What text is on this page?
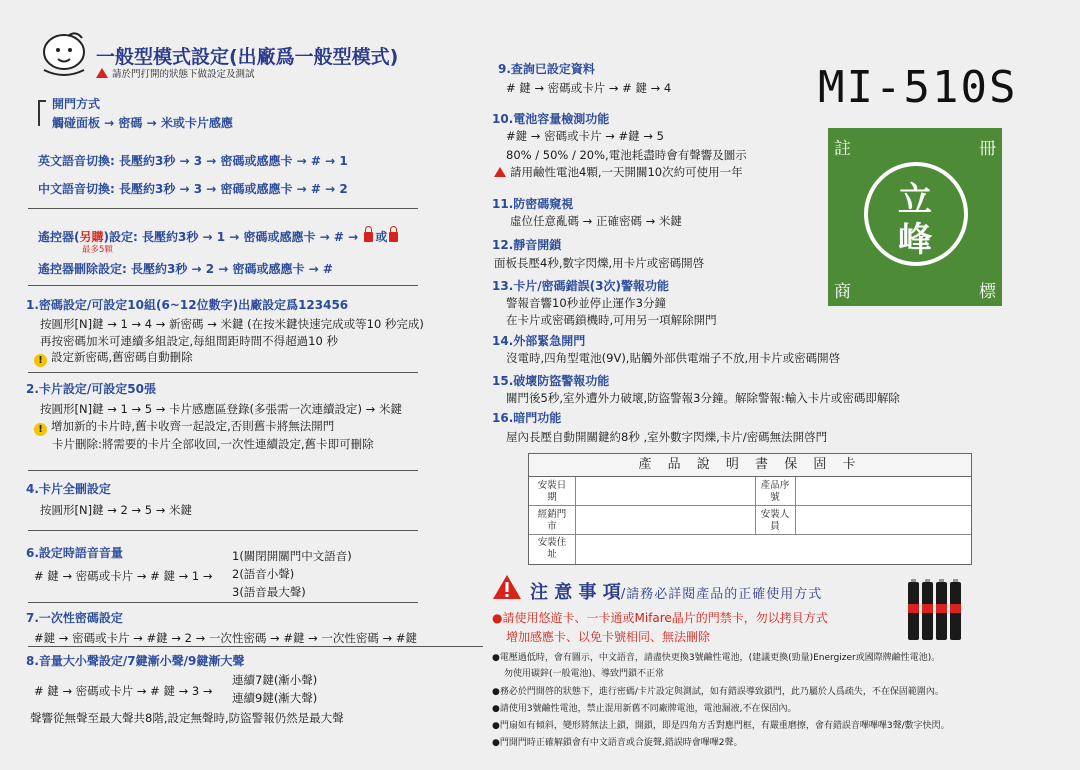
一般型模式設定(出廠爲一般型模式)
請於門打開的狀態下做設定及測試
開門方式
觸碰面板 → 密碼 → 米或卡片感應
英文語音切換: 長壓約3秒 → 3 → 密碼或感應卡 → # → 1
中文語音切換: 長壓約3秒 → 3 → 密碼或感應卡 → # → 2
遙控器(另購)設定: 長壓約3秒 → 1 → 密碼或感應卡 → # → 或
最多5顆
遙控器刪除設定: 長壓約3秒 → 2 → 密碼或感應卡 → #
1.密碼設定/可設定10組(6~12位數字)出廠設定爲123456
按圓形[N]鍵 → 1 → 4 → 新密碼 → 米鍵 (在按米鍵快速完成或等10 秒完成)
再按密碼加米可連續多組設定,每組間距時間不得超過10 秒
! 設定新密碼,舊密碼自動刪除
2.卡片設定/可設定50張
按圓形[N]鍵 → 1 → 5 → 卡片感應區登錄(多張需一次連續設定) → 米鍵
! 增加新的卡片時,舊卡收齊一起設定,否則舊卡將無法開門
卡片刪除:將需要的卡片全部收回,一次性連續設定,舊卡即可刪除
4.卡片全刪設定
按圓形[N]鍵 → 2 → 5 → 米鍵
6.設定時語音音量
# 鍵 → 密碼或卡片 → # 鍵 → 1 →
1(關閉開關門中文語音)
2(語音小聲)
3(語音最大聲)
7.一次性密碼設定
#鍵 → 密碼或卡片 → #鍵 → 2 → 一次性密碼 → #鍵 → 一次性密碼 → #鍵
8.音量大小聲設定/7鍵漸小聲/9鍵漸大聲
# 鍵 → 密碼或卡片 → # 鍵 → 3 →
連續7鍵(漸小聲)
連續9鍵(漸大聲)
聲響從無聲至最大聲共8階,設定無聲時,防盜警報仍然是最大聲
9.查詢已設定資料
# 鍵 → 密碼或卡片 → # 鍵 → 4
10.電池容量檢測功能
#鍵 → 密碼或卡片 → #鍵 → 5
80% / 50% / 20%,電池耗盡時會有聲響及圖示
請用鹼性電池4顆,一天開關10次約可使用一年
11.防密碼窺視
虛位任意亂碼 → 正確密碼 → 米鍵
12.靜音開鎖
面板長壓4秒,數字閃爍,用卡片或密碼開啓
13.卡片/密碼錯誤(3次)警報功能
警報音響10秒並停止運作3分鐘
在卡片或密碼鎖機時,可用另一項解除開門
14.外部緊急開門
沒電時,四角型電池(9V),貼觸外部供電端子不放,用卡片或密碼開啓
15.破壞防盜警報功能
關門後5秒,室外遭外力破壞,防盜警報3分鐘。解除警報:輸入卡片或密碼即解除
16.暗門功能
屋內長壓自動開關鍵約8秒 ,室外數字閃爍,卡片/密碼無法開啓門
MI-510S
註	冊
商	標
立
峰
產 品 說 明 書 保 固 卡
安裝日期
產品序號
經銷門市
安裝人員
安裝住址
注 意 事 項/請務必詳閱產品的正確使用方式
●請使用悠遊卡、一卡通或Mifare晶片的門禁卡，勿以拷貝方式
增加感應卡、以免卡號相同、無法刪除
●電壓過低時，會有圖示，中文語音，請盡快更換3號鹼性電池，(建議更換(勁量)Energizer或國際牌鹼性電池)。
勿使用碳鋅(一般電池)、導致門鎖不正常
●務必於門開啓的狀態下，進行密碼/卡片設定與測試，如有錯誤導致鎖門，此乃屬於人爲疏失，不在保固範圍內。
●請使用3號鹼性電池，禁止混用新舊不同廠牌電池，電池漏液,不在保固內。
●門扇如有傾斜，變形將無法上鎖，開鎖，即是四角方舌對應門框，有嚴重磨擦，會有錯誤音嗶嗶嗶3聲/數字快閃。
●門開門時正確解鎖會有中文語音或合旋聲,錯誤時會嗶嗶2聲。
